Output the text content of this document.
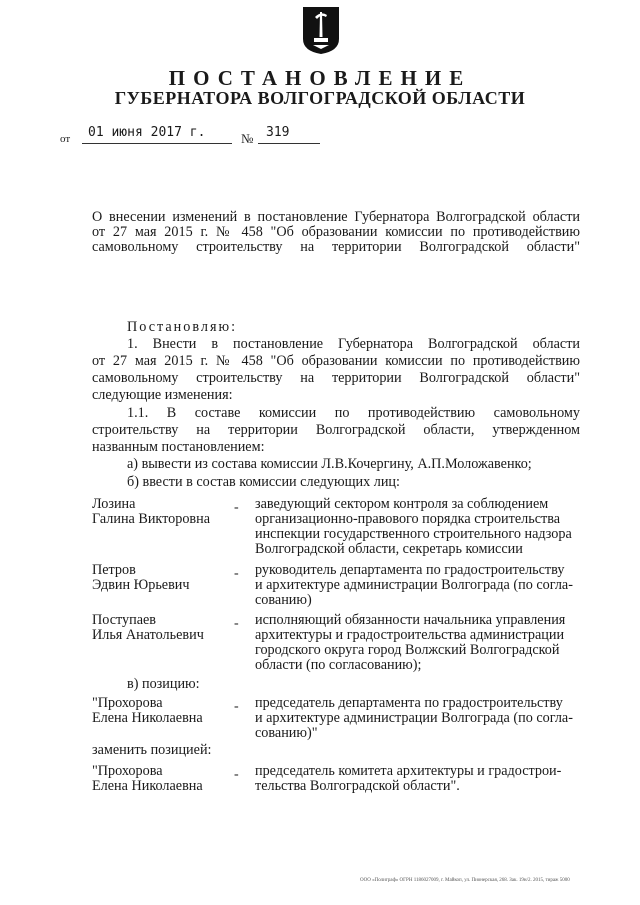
ПОСТАНОВЛЕНИЕ
ГУБЕРНАТОРА ВОЛГОГРАДСКОЙ ОБЛАСТИ
от 01 июня 2017 г.	№ 319
О внесении изменений в постановление Губернатора Волгоградской области
от 27 мая 2015 г. № 458 "Об образовании комиссии по противодействию
самовольному строительству на территории Волгоградской области"
Постановляю:
1. Внести в постановление Губернатора Волгоградской области
от 27 мая 2015 г. № 458 "Об образовании комиссии по противодействию
самовольному строительству на территории Волгоградской области"
следующие изменения:
1.1. В составе комиссии по противодействию самовольному
строительству на территории Волгоградской области, утвержденном
названным постановлением:
а) вывести из состава комиссии Л.В.Кочергину, А.П.Моложавенко;
б) ввести в состав комиссии следующих лиц:
Лозина
Галина Викторовна
- заведующий сектором контроля за соблюдением
организационно-правового порядка строительства
инспекции государственного строительного надзора
Волгоградской области, секретарь комиссии
Петров
Эдвин Юрьевич
- руководитель департамента по градостроительству
и архитектуре администрации Волгограда (по согла-
сованию)
Поступаев
Илья Анатольевич
- исполняющий обязанности начальника управления
архитектуры и градостроительства администрации
городского округа город Волжский Волгоградской
области (по согласованию);
в) позицию:
"Прохорова
Елена Николаевна
- председатель департамента по градостроительству
и архитектуре администрации Волгограда (по согла-
сованию)"
заменить позицией:
"Прохорова
Елена Николаевна
- председатель комитета архитектуры и градострои-
тельства Волгоградской области".
ООО «Полиграф» ОГРН 1186027009, г. Майкоп, ул. Пионерская, 268. Зак. 19н/2. 2015, тираж 5000
